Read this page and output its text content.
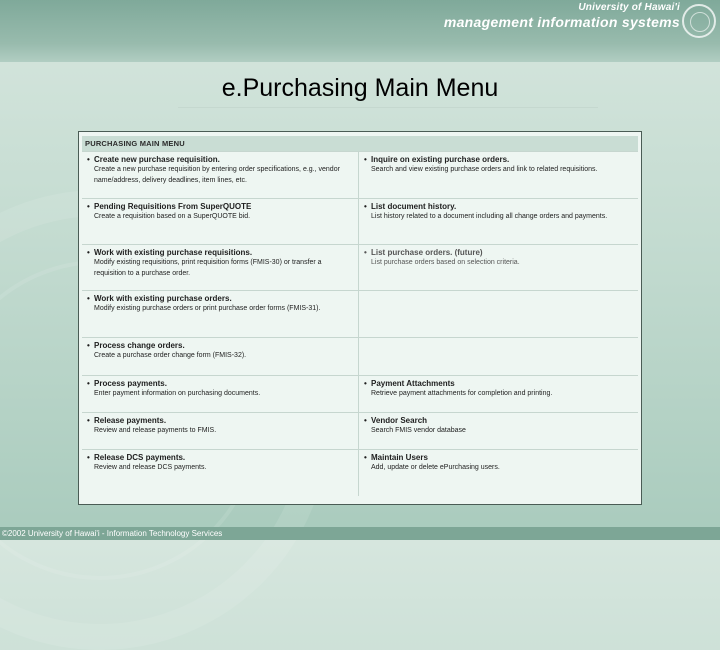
University of Hawai'i
management information systems
e.Purchasing Main Menu
PURCHASING MAIN MENU
• Create new purchase requisition.
Create a new purchase requisition by entering order specifications, e.g., vendor name/address, delivery deadlines, item lines, etc.
• Inquire on existing purchase orders.
Search and view existing purchase orders and link to related requisitions.
• Pending Requisitions From SuperQUOTE
Create a requisition based on a SuperQUOTE bid.
• List document history.
List history related to a document including all change orders and payments.
• Work with existing purchase requisitions.
Modify existing requisitions, print requisition forms (FMIS-30) or transfer a requisition to a purchase order.
• List purchase orders. (future)
List purchase orders based on selection criteria.
• Work with existing purchase orders.
Modify existing purchase orders or print purchase order forms (FMIS-31).
• Process change orders.
Create a purchase order change form (FMIS-32).
• Process payments.
Enter payment information on purchasing documents.
• Payment Attachments
Retrieve payment attachments for completion and printing.
• Release payments.
Review and release payments to FMIS.
• Vendor Search
Search FMIS vendor database
• Release DCS payments.
Review and release DCS payments.
• Maintain Users
Add, update or delete ePurchasing users.
©2002 University of Hawai'i - Information Technology Services
